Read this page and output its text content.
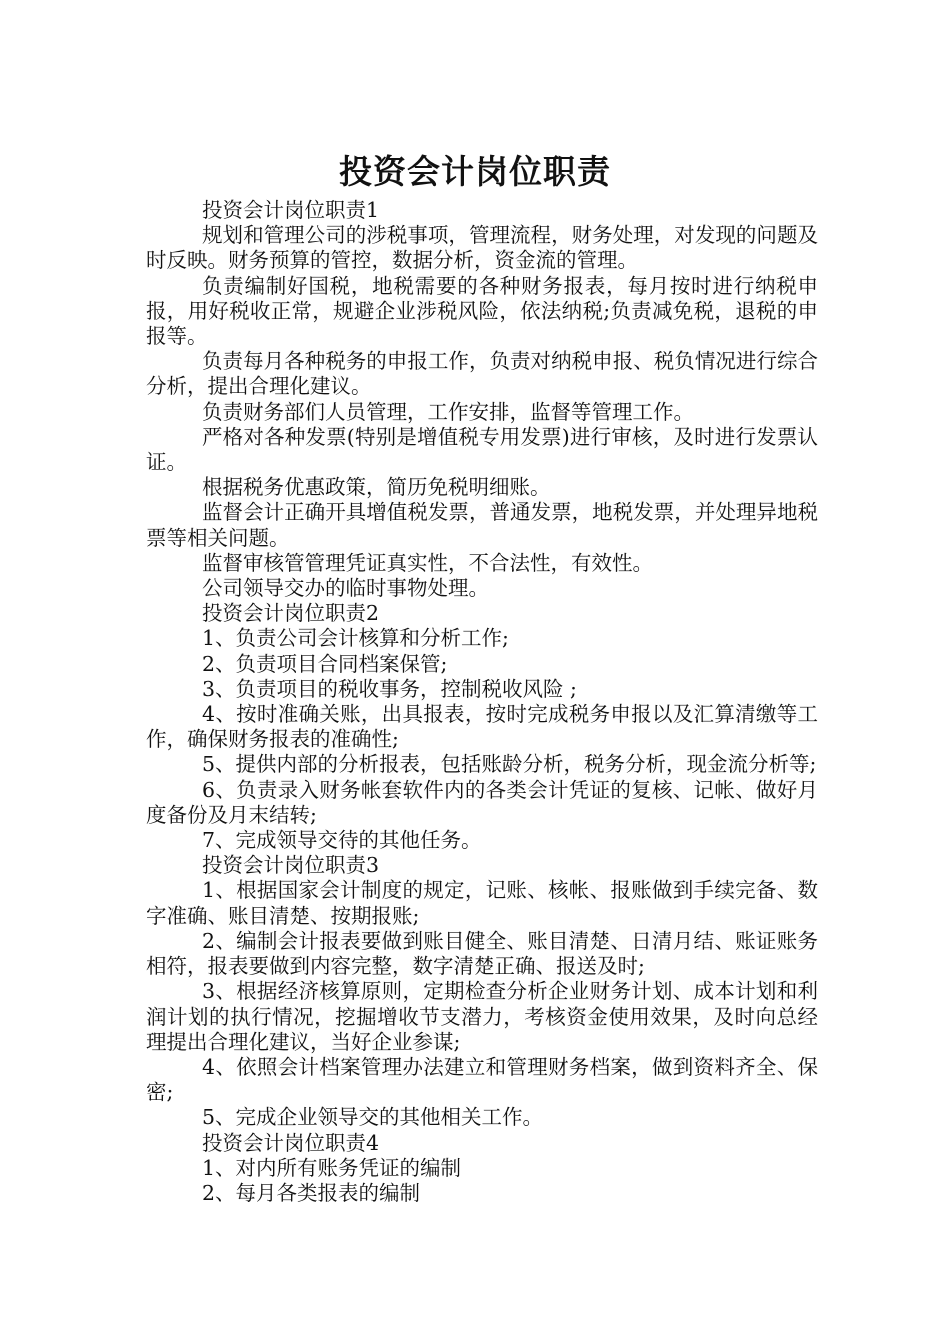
投资会计岗位职责

投资会计岗位职责1

规划和管理公司的涉税事项，管理流程，财务处理，对发现的问题及时反映。财务预算的管控，数据分析，资金流的管理。

负责编制好国税，地税需要的各种财务报表，每月按时进行纳税申报，用好税收正常，规避企业涉税风险，依法纳税;负责减免税，退税的申报等。

负责每月各种税务的申报工作，负责对纳税申报、税负情况进行综合分析，提出合理化建议。

负责财务部们人员管理，工作安排，监督等管理工作。

严格对各种发票(特别是增值税专用发票)进行审核，及时进行发票认证。

根据税务优惠政策，简历免税明细账。

监督会计正确开具增值税发票，普通发票，地税发票，并处理异地税票等相关问题。

监督审核管管理凭证真实性，不合法性，有效性。

公司领导交办的临时事物处理。

投资会计岗位职责2

1、负责公司会计核算和分析工作;

2、负责项目合同档案保管;

3、负责项目的税收事务，控制税收风险 ;

4、按时准确关账，出具报表，按时完成税务申报以及汇算清缴等工作，确保财务报表的准确性;

5、提供内部的分析报表，包括账龄分析，税务分析，现金流分析等;

6、负责录入财务帐套软件内的各类会计凭证的复核、记帐、做好月度备份及月末结转;

7、完成领导交待的其他任务。

投资会计岗位职责3

1、根据国家会计制度的规定，记账、核帐、报账做到手续完备、数字准确、账目清楚、按期报账;

2、编制会计报表要做到账目健全、账目清楚、日清月结、账证账务相符，报表要做到内容完整，数字清楚正确、报送及时;

3、根据经济核算原则，定期检查分析企业财务计划、成本计划和利润计划的执行情况，挖掘增收节支潜力，考核资金使用效果，及时向总经理提出合理化建议，当好企业参谋;

4、依照会计档案管理办法建立和管理财务档案，做到资料齐全、保密;

5、完成企业领导交的其他相关工作。

投资会计岗位职责4

1、对内所有账务凭证的编制

2、每月各类报表的编制
